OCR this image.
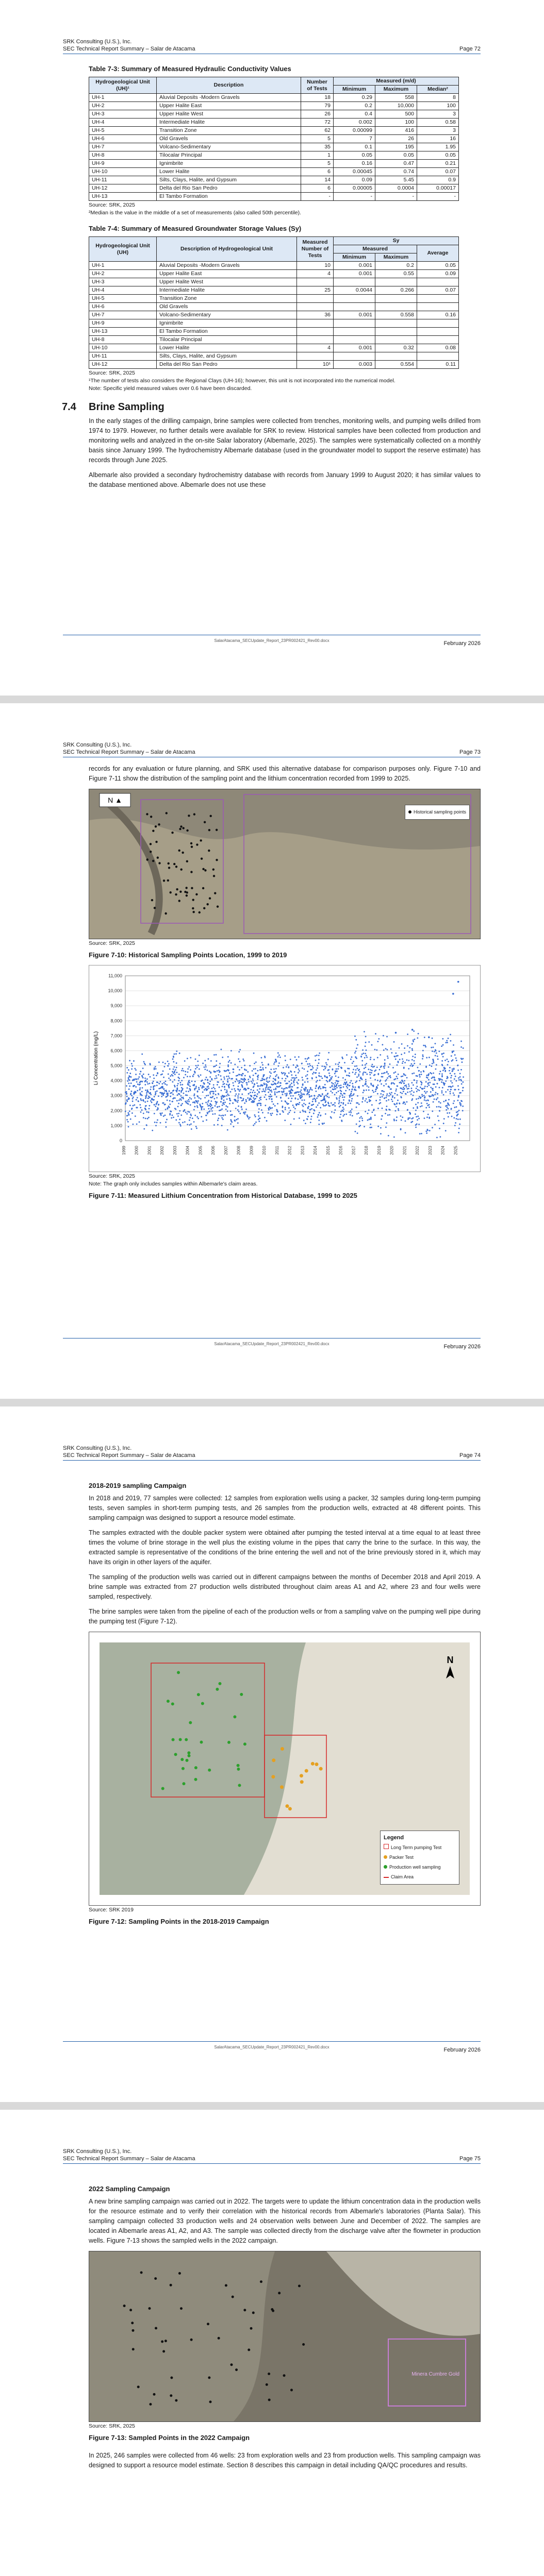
SRK Consulting (U.S.), Inc.
SEC Technical Report Summary – Salar de Atacama	Page 72
Table 7-3: Summary of Measured Hydraulic Conductivity Values
Hydrogeological Unit (UH)¹	Description	Number of Tests	Measured (m/d)		
			Minimum	Maximum	Median²
UH-1	Aluvial Deposits -Modern Gravels	18	0.29	558	8
UH-2	Upper Halite East	79	0.2	10,000	100
UH-3	Upper Halite West	26	0.4	500	3
UH-4	Intermediate Halite	72	0.002	100	0.58
UH-5	Transition Zone	62	0.00099	416	3
UH-6	Old Gravels	5	7	26	16
UH-7	Volcano-Sedimentary	35	0.1	195	1.95
UH-8	Tilocalar Principal	1	0.05	0.05	0.05
UH-9	Ignimbrite	5	0.16	0.47	0.21
UH-10	Lower Halite	6	0.00045	0.74	0.07
UH-11	Silts, Clays, Halite, and Gypsum	14	0.09	5.45	0.9
UH-12	Delta del Rio San Pedro	6	0.00005	0.0004	0.00017
UH-13	El Tambo Formation	-	-	-	-
Source: SRK, 2025
²Median is the value in the middle of a set of measurements (also called 50th percentile).
Table 7-4: Summary of Measured Groundwater Storage Values (Sy)
Hydrogeological Unit (UH)	Description of Hydrogeological Unit	Measured Number of Tests	Sy		
			Measured		Average
			Minimum	Maximum	
UH-1	Aluvial Deposits -Modern Gravels	10	0.001	0.2	0.05
UH-2	Upper Halite East	4	0.001	0.55	0.09
UH-3	Upper Halite West				
UH-4	Intermediate Halite	25	0.0044	0.266	0.07
UH-5	Transition Zone				
UH-6	Old Gravels				
UH-7	Volcano-Sedimentary	36	0.001	0.558	0.16
UH-9	Ignimbrite				
UH-13	El Tambo Formation				
UH-8	Tilocalar Principal				
UH-10	Lower Halite	4	0.001	0.32	0.08
UH-11	Silts, Clays, Halite, and Gypsum				
UH-12	Delta del Rio San Pedro	10¹	0.003	0.554	0.11
Source: SRK, 2025
¹The number of tests also considers the Regional Clays (UH-16); however, this unit is not incorporated into the numerical model.
Note: Specific yield measured values over 0.6 have been discarded.
7.4 Brine Sampling

In the early stages of the drilling campaign, brine samples were collected from trenches, monitoring wells, and pumping wells drilled from 1974 to 1979. However, no further details were available for SRK to review. Historical samples have been collected from production and monitoring wells and analyzed in the on-site Salar laboratory (Albemarle, 2025). The samples were systematically collected on a monthly basis since January 1999. The hydrochemistry Albemarle database (used in the groundwater model to support the reserve estimate) has records through June 2025.

Albemarle also provided a secondary hydrochemistry database with records from January 1999 to August 2020; it has similar values to the database mentioned above. Albemarle does not use these

SalarAtacama_SECUpdate_Report_23PR002421_Rev00.docx	February 2026
SRK Consulting (U.S.), Inc.
SEC Technical Report Summary – Salar de Atacama	Page 73

records for any evaluation or future planning, and SRK used this alternative database for comparison purposes only. Figure 7-10 and Figure 7-11 show the distribution of the sampling point and the lithium concentration recorded from 1999 to 2025.

N ▲
Historical sampling points
Source: SRK, 2025
Figure 7-10: Historical Sampling Points Location, 1999 to 2019
0
1,000
2,000
3,000
4,000
5,000
6,000
7,000
8,000
9,000
10,000
11,000
1999 2000 2001 2002 2003 2004 2005 2006 2007 2008 2009 2010 2011 2012 2013 2014 2015 2016 2017 2018 2019 2020 2021 2022 2023 2024 2025
Li Concentration (mg/L)
Source: SRK, 2025
Note: The graph only includes samples within Albemarle's claim areas.
Figure 7-11: Measured Lithium Concentration from Historical Database, 1999 to 2025
SalarAtacama_SECUpdate_Report_23PR002421_Rev00.docx	February 2026
SRK Consulting (U.S.), Inc.
SEC Technical Report Summary – Salar de Atacama	Page 74
2018-2019 sampling Campaign

In 2018 and 2019, 77 samples were collected: 12 samples from exploration wells using a packer, 32 samples during long-term pumping tests, seven samples in short-term pumping tests, and 26 samples from the production wells, extracted at 48 different points. This sampling campaign was designed to support a resource model estimate.

The samples extracted with the double packer system were obtained after pumping the tested interval at a time equal to at least three times the volume of brine storage in the well plus the existing volume in the pipes that carry the brine to the surface. In this way, the extracted sample is representative of the conditions of the brine entering the well and not of the brine previously stored in it, which may have its origin in other layers of the aquifer.

The sampling of the production wells was carried out in different campaigns between the months of December 2018 and April 2019. A brine sample was extracted from 27 production wells distributed throughout claim areas A1 and A2, where 23 and four wells were sampled, respectively.

The brine samples were taken from the pipeline of each of the production wells or from a sampling valve on the pumping well pipe during the pumping test (Figure 7-12).

N
Legend
Long Term pumping Test
Packer Test
Production well sampling
Claim Area
Source: SRK 2019
Figure 7-12: Sampling Points in the 2018-2019 Campaign
SalarAtacama_SECUpdate_Report_23PR002421_Rev00.docx	February 2026
SRK Consulting (U.S.), Inc.
SEC Technical Report Summary – Salar de Atacama	Page 75
2022 Sampling Campaign

A new brine sampling campaign was carried out in 2022. The targets were to update the lithium concentration data in the production wells for the resource estimate and to verify their correlation with the historical records from Albemarle's laboratories (Planta Salar). This sampling campaign collected 33 production wells and 24 observation wells between June and December of 2022. The samples are located in Albemarle areas A1, A2, and A3. The sample was collected directly from the discharge valve after the flowmeter in production wells. Figure 7-13 shows the sampled wells in the 2022 campaign.

Minera Cumbre Gold
Source: SRK, 2025
Figure 7-13: Sampled Points in the 2022 Campaign

In 2025, 246 samples were collected from 46 wells: 23 from exploration wells and 23 from production wells. This sampling campaign was designed to support a resource model estimate. Section 8 describes this campaign in detail including QA/QC procedures and results.
